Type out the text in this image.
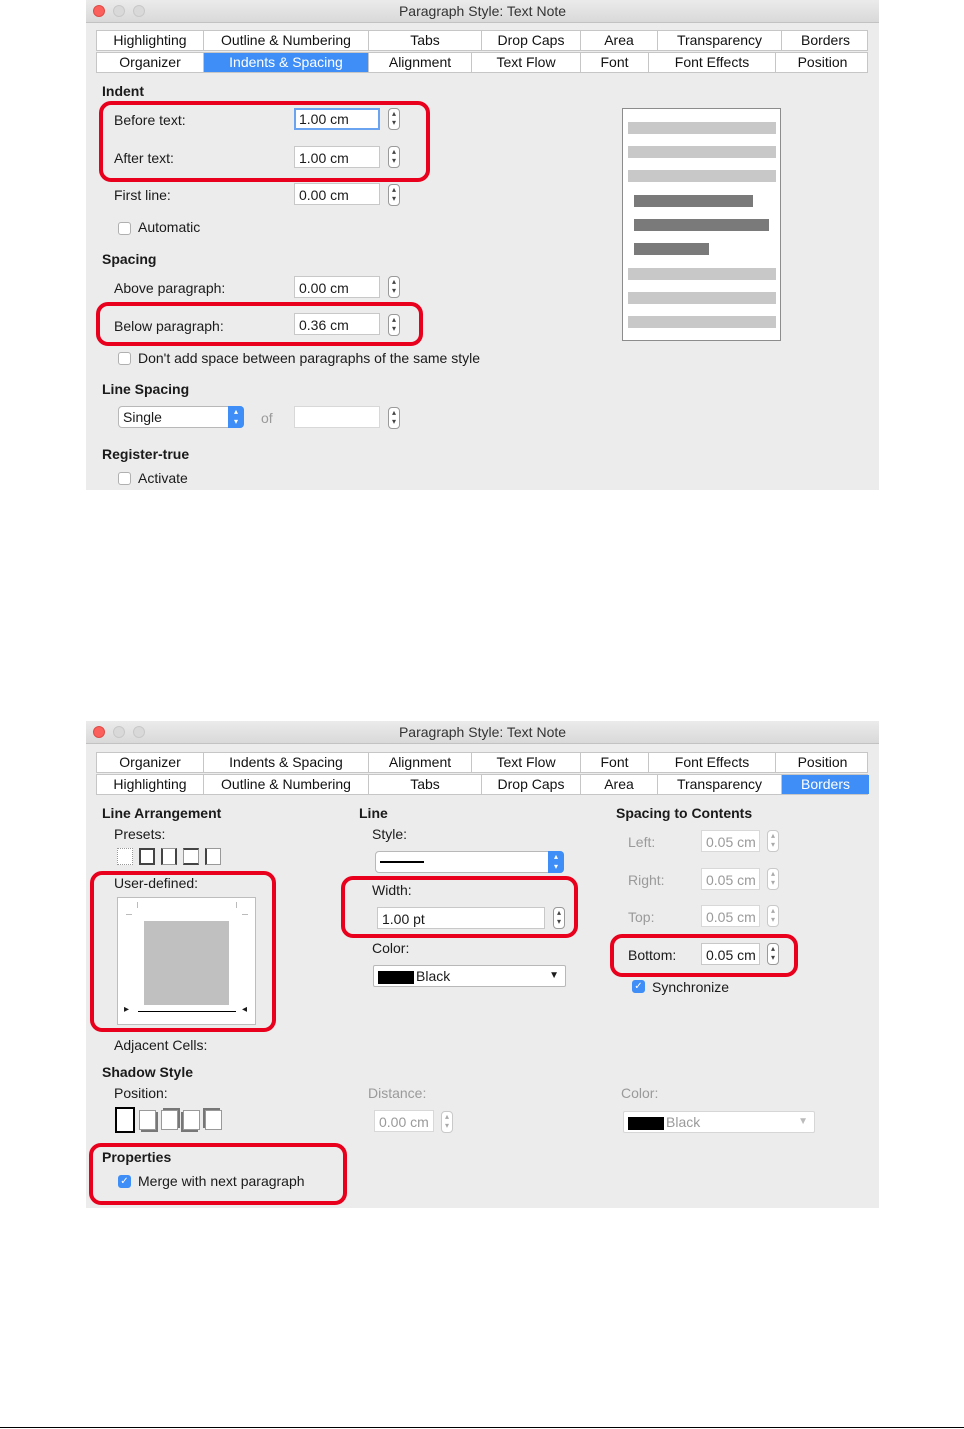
Paragraph Style: Text Note
Highlighting	Outline & Numbering	Tabs	Drop Caps	Area	Transparency	Borders
Organizer	Indents & Spacing	Alignment	Text Flow	Font	Font Effects	Position
Indent
Before text:	1.00 cm	▴
▾
After text:	1.00 cm	▴
▾
First line:	0.00 cm	▴
▾
Automatic
Spacing
Above paragraph:	0.00 cm	▴
▾
Below paragraph:	0.36 cm	▴
▾
Don't add space between paragraphs of the same style
Line Spacing
Single	▴
▾	of	▴
▾
Register-true
Activate
Paragraph Style: Text Note
Organizer	Indents & Spacing	Alignment	Text Flow	Font	Font Effects	Position
Highlighting	Outline & Numbering	Tabs	Drop Caps	Area	Transparency	Borders
Line Arrangement
Presets:
User-defined:
▸	◂
Adjacent Cells:
Line
Style:
▴
▾
Width:
1.00 pt	▴
▾
Color:
Black	▼
Spacing to Contents
Left:	0.05 cm	▴
▾
Right:	0.05 cm	▴
▾
Top:	0.05 cm	▴
▾
Bottom:	0.05 cm	▴
▾
✓ Synchronize
Shadow Style
Position:	Distance:
0.00 cm	▴
▾
Color:
Black	▼
Properties
✓ Merge with next paragraph
